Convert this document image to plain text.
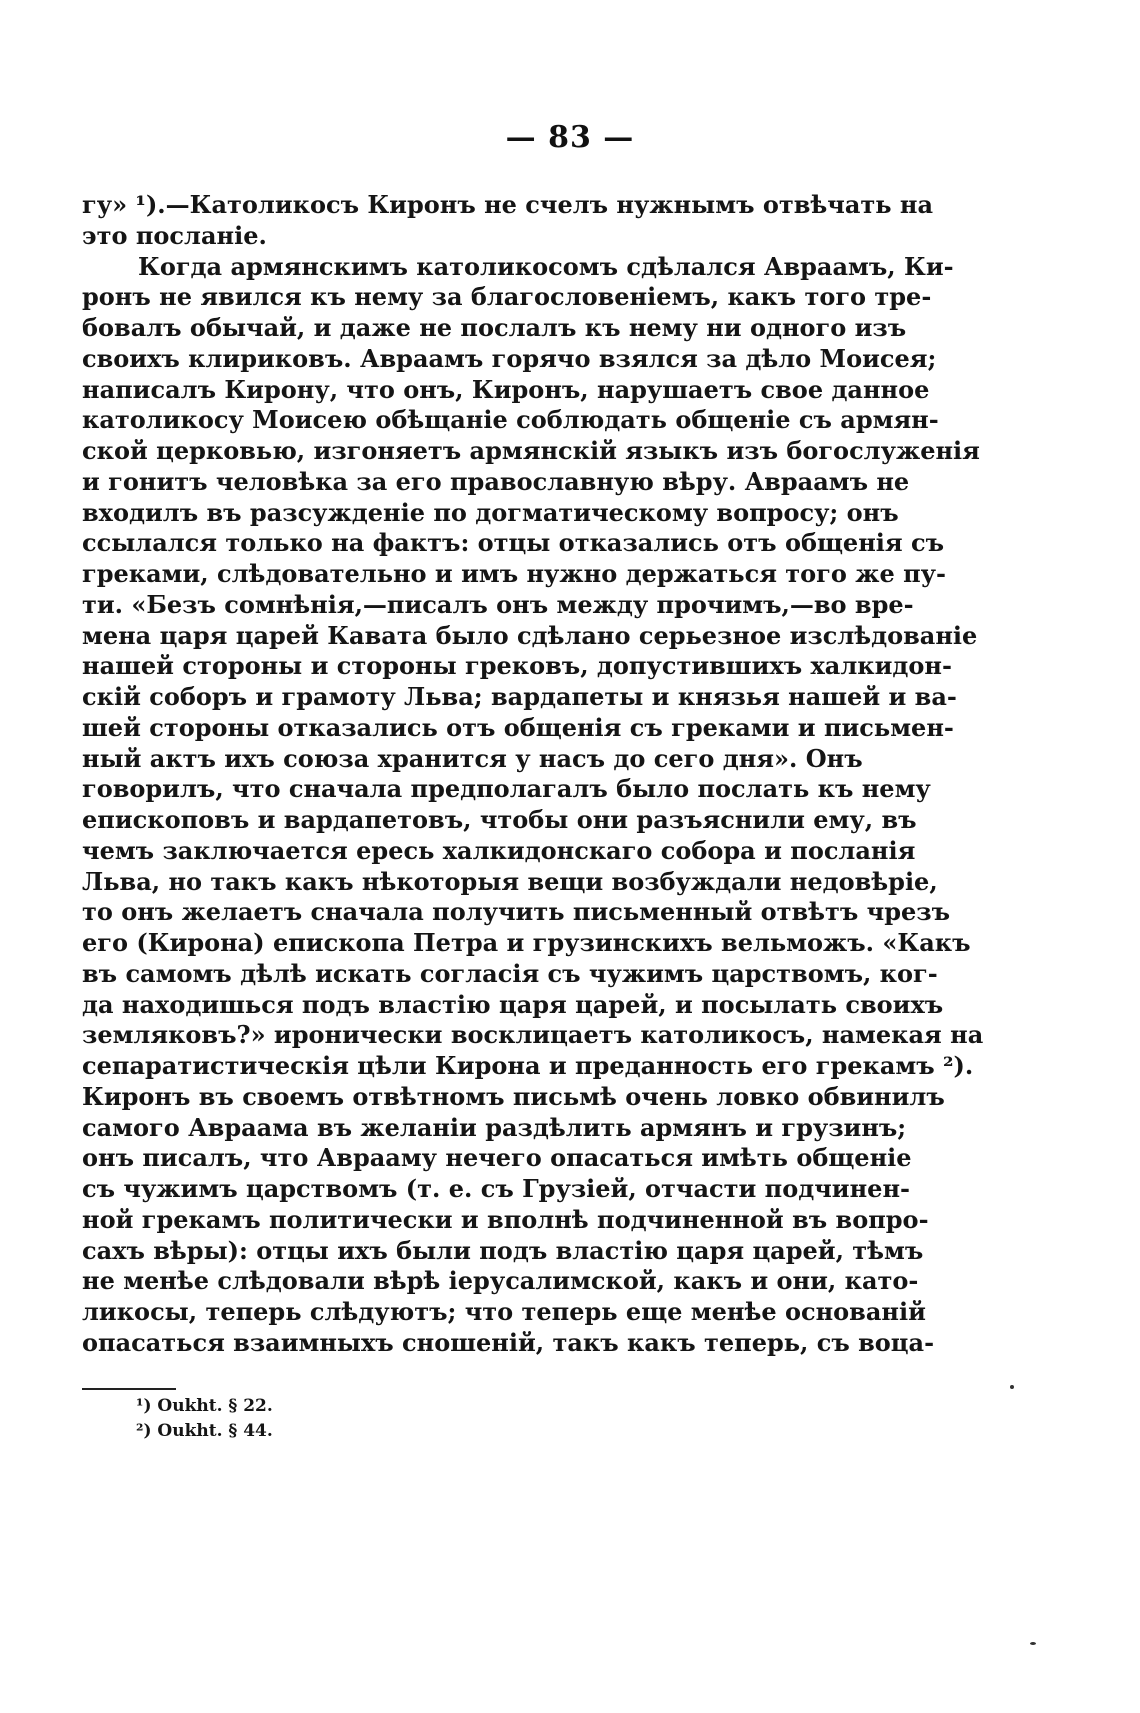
— 83 —
гу» ¹).—Католикосъ Киронъ не счелъ нужнымъ отвѣчать на
это посланіе.
Когда армянскимъ католикосомъ сдѣлался Авраамъ, Ки-
ронъ не явился къ нему за благословеніемъ, какъ того тре-
бовалъ обычай, и даже не послалъ къ нему ни одного изъ
своихъ клириковъ. Авраамъ горячо взялся за дѣло Моисея;
написалъ Кирону, что онъ, Киронъ, нарушаетъ свое данное
католикосу Моисею обѣщаніе соблюдать общеніе съ армян-
ской церковью, изгоняетъ армянскій языкъ изъ богослуженія
и гонитъ человѣка за его православную вѣру. Авраамъ не
входилъ въ разсужденіе по догматическому вопросу; онъ
ссылался только на фактъ: отцы отказались отъ общенія съ
греками, слѣдовательно и имъ нужно держаться того же пу-
ти. «Безъ сомнѣнія,—писалъ онъ между прочимъ,—во вре-
мена царя царей Кавата было сдѣлано серьезное изслѣдованіе
нашей стороны и стороны грековъ, допустившихъ халкидон-
скій соборъ и грамоту Льва; вардапеты и князья нашей и ва-
шей стороны отказались отъ общенія съ греками и письмен-
ный актъ ихъ союза хранится у насъ до сего дня». Онъ
говорилъ, что сначала предполагалъ было послать къ нему
епископовъ и вардапетовъ, чтобы они разъяснили ему, въ
чемъ заключается ересь халкидонскаго собора и посланія
Льва, но такъ какъ нѣкоторыя вещи возбуждали недовѣріе,
то онъ желаетъ сначала получить письменный отвѣтъ чрезъ
его (Кирона) епископа Петра и грузинскихъ вельможъ. «Какъ
въ самомъ дѣлѣ искать согласія съ чужимъ царствомъ, ког-
да находишься подъ властію царя царей, и посылать своихъ
земляковъ?» иронически восклицаетъ католикосъ, намекая на
сепаратистическія цѣли Кирона и преданность его грекамъ ²).
Киронъ въ своемъ отвѣтномъ письмѣ очень ловко обвинилъ
самого Авраама въ желаніи раздѣлить армянъ и грузинъ;
онъ писалъ, что Аврааму нечего опасаться имѣть общеніе
съ чужимъ царствомъ (т. е. съ Грузіей, отчасти подчинен-
ной грекамъ политически и вполнѣ подчиненной въ вопро-
сахъ вѣры): отцы ихъ были подъ властію царя царей, тѣмъ
не менѣе слѣдовали вѣрѣ іерусалимской, какъ и они, като-
ликосы, теперь слѣдуютъ; что теперь еще менѣе основаній
опасаться взаимныхъ сношеній, такъ какъ теперь, съ воца-
¹) Oukht. § 22.
²) Oukht. § 44.
